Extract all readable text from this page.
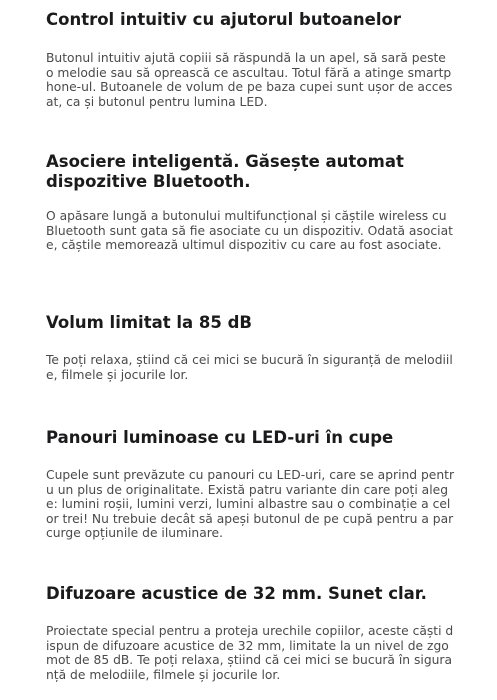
Control intuitiv cu ajutorul butoanelor

Butonul intuitiv ajută copiii să răspundă la un apel, să sară peste o melodie sau să oprească ce ascultau. Totul fără a atinge smartphone-ul. Butoanele de volum de pe baza cupei sunt ușor de accesat, ca și butonul pentru lumina LED.

Asociere inteligentă. Găsește automat dispozitive Bluetooth.

O apăsare lungă a butonului multifuncțional și căștile wireless cu Bluetooth sunt gata să fie asociate cu un dispozitiv. Odată asociate, căștile memorează ultimul dispozitiv cu care au fost asociate.

Volum limitat la 85 dB

Te poți relaxa, știind că cei mici se bucură în siguranță de melodiile, filmele și jocurile lor.

Panouri luminoase cu LED-uri în cupe

Cupele sunt prevăzute cu panouri cu LED-uri, care se aprind pentru un plus de originalitate. Există patru variante din care poți alege: lumini roșii, lumini verzi, lumini albastre sau o combinație a celor trei! Nu trebuie decât să apeși butonul de pe cupă pentru a parcurge opțiunile de iluminare.

Difuzoare acustice de 32 mm. Sunet clar.

Proiectate special pentru a proteja urechile copiilor, aceste căști dispun de difuzoare acustice de 32 mm, limitate la un nivel de zgomot de 85 dB. Te poți relaxa, știind că cei mici se bucură în siguranță de melodiile, filmele și jocurile lor.
